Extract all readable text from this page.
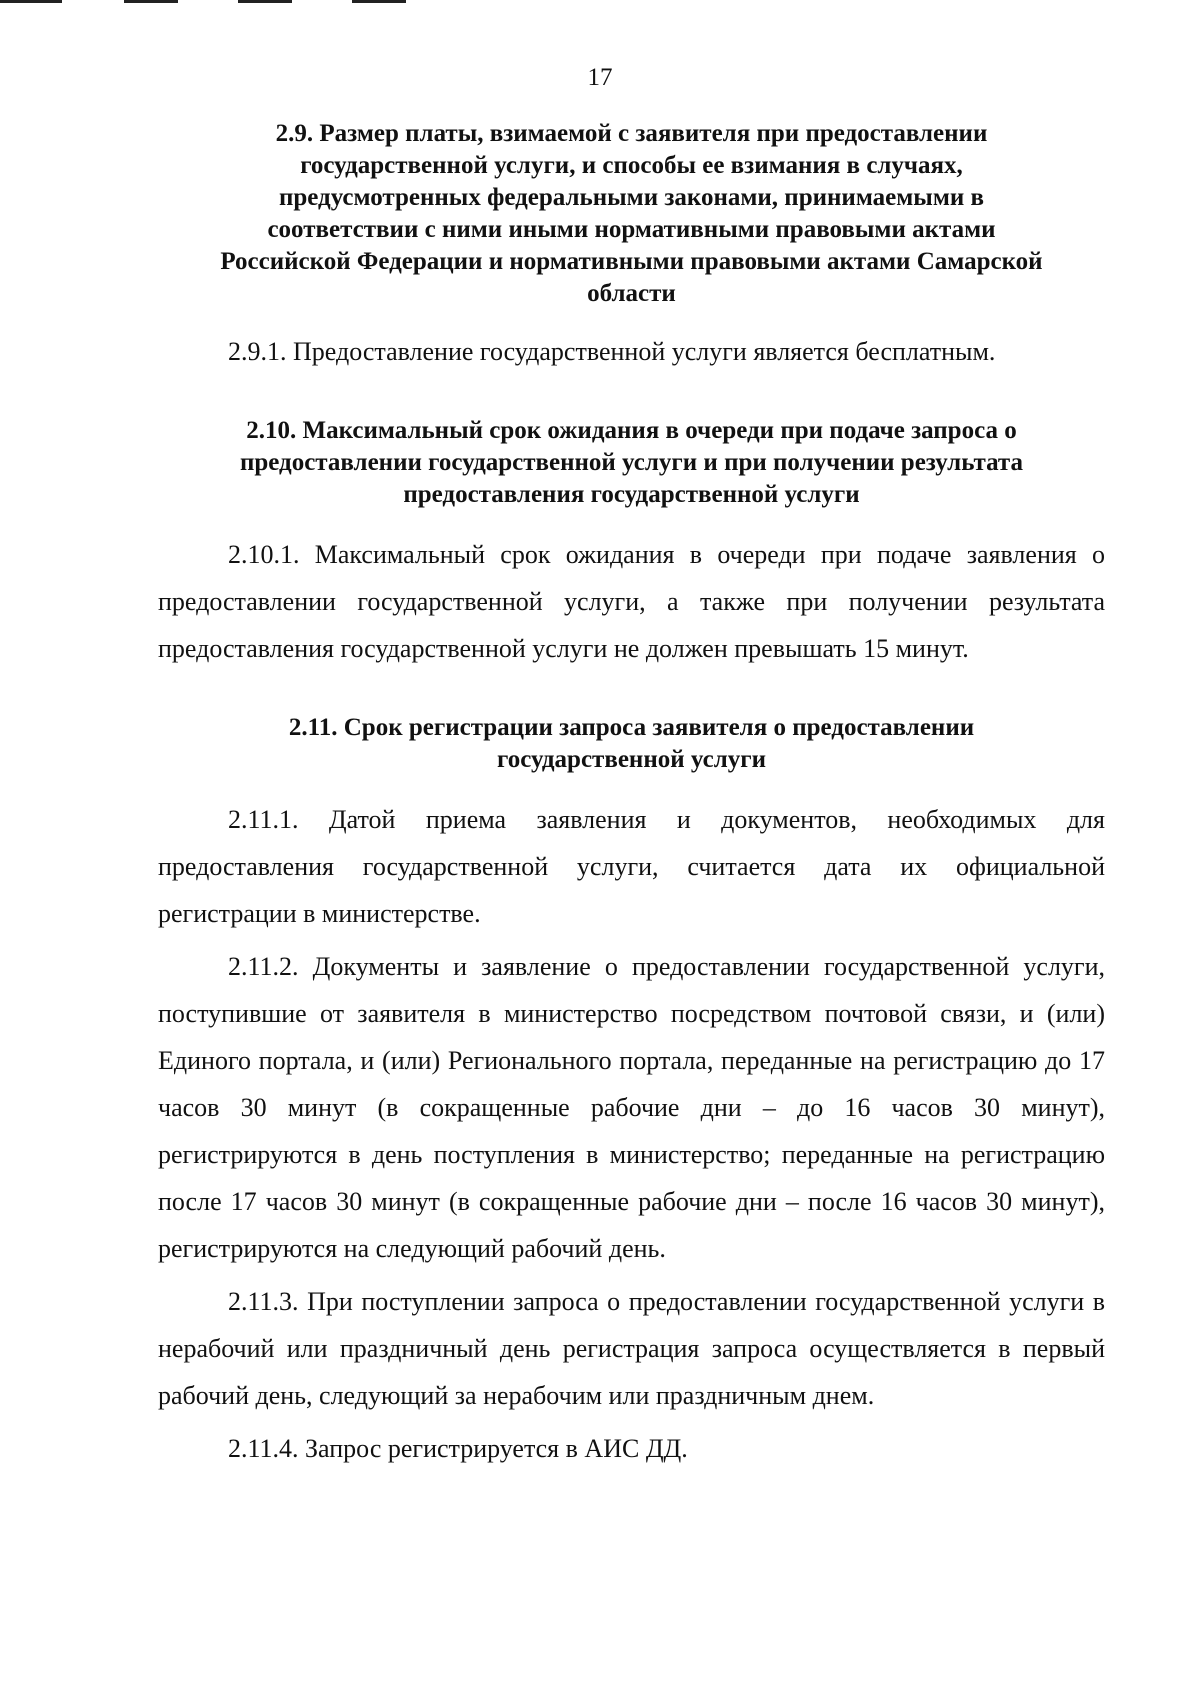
17
2.9. Размер платы, взимаемой с заявителя при предоставлении
государственной услуги, и способы ее взимания в случаях,
предусмотренных федеральными законами, принимаемыми в
соответствии с ними иными нормативными правовыми актами
Российской Федерации и нормативными правовыми актами Самарской
области

2.9.1. Предоставление государственной услуги является бесплатным.

2.10. Максимальный срок ожидания в очереди при подаче запроса о
предоставлении государственной услуги и при получении результата
предоставления государственной услуги

2.10.1. Максимальный срок ожидания в очереди при подаче заявления о предоставлении государственной услуги, а также при получении результата предоставления государственной услуги не должен превышать 15 минут.

2.11. Срок регистрации запроса заявителя о предоставлении
государственной услуги

2.11.1. Датой приема заявления и документов, необходимых для предоставления государственной услуги, считается дата их официальной регистрации в министерстве.

2.11.2. Документы и заявление о предоставлении государственной услуги, поступившие от заявителя в министерство посредством почтовой связи, и (или) Единого портала, и (или) Регионального портала, переданные на регистрацию до 17 часов 30 минут (в сокращенные рабочие дни – до 16 часов 30 минут), регистрируются в день поступления в министерство; переданные на регистрацию после 17 часов 30 минут (в сокращенные рабочие дни – после 16 часов 30 минут), регистрируются на следующий рабочий день.

2.11.3. При поступлении запроса о предоставлении государственной услуги в нерабочий или праздничный день регистрация запроса осуществляется в первый рабочий день, следующий за нерабочим или праздничным днем.

2.11.4. Запрос регистрируется в АИС ДД.
